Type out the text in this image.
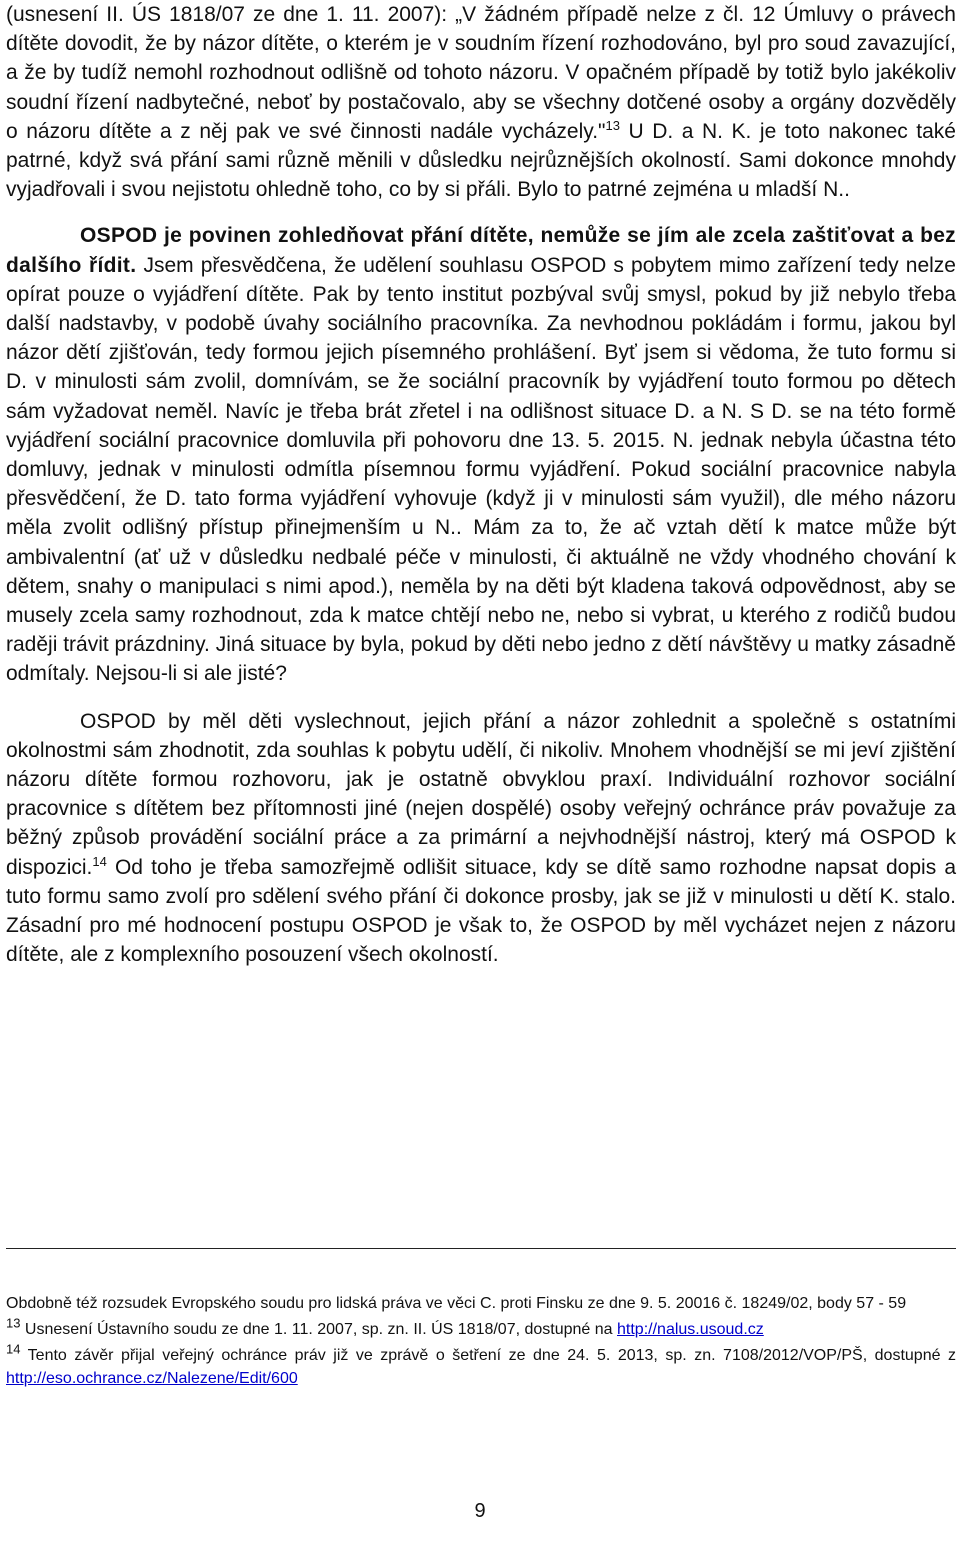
(usnesení II. ÚS 1818/07 ze dne 1. 11. 2007): „V žádném případě nelze z čl. 12 Úmluvy o právech dítěte dovodit, že by názor dítěte, o kterém je v soudním řízení rozhodováno, byl pro soud zavazující, a že by tudíž nemohl rozhodnout odlišně od tohoto názoru. V opačném případě by totiž bylo jakékoliv soudní řízení nadbytečné, neboť by postačovalo, aby se všechny dotčené osoby a orgány dozvěděly o názoru dítěte a z něj pak ve své činnosti nadále vycházely."$^{13}$ U D. a N. K. je toto nakonec také patrné, když svá přání sami různě měnili v důsledku nejrůznějších okolností. Sami dokonce mnohdy vyjadřovali i svou nejistotu ohledně toho, co by si přáli. Bylo to patrné zejména u mladší N..

OSPOD je povinen zohledňovat přání dítěte, nemůže se jím ale zcela zaštiťovat a bez dalšího řídit. Jsem přesvědčena, že udělení souhlasu OSPOD s pobytem mimo zařízení tedy nelze opírat pouze o vyjádření dítěte. Pak by tento institut pozbýval svůj smysl, pokud by již nebylo třeba další nadstavby, v podobě úvahy sociálního pracovníka. Za nevhodnou pokládám i formu, jakou byl názor dětí zjišťován, tedy formou jejich písemného prohlášení. Byť jsem si vědoma, že tuto formu si D. v minulosti sám zvolil, domnívám, se že sociální pracovník by vyjádření touto formou po dětech sám vyžadovat neměl. Navíc je třeba brát zřetel i na odlišnost situace D. a N. S D. se na této formě vyjádření sociální pracovnice domluvila při pohovoru dne 13. 5. 2015. N. jednak nebyla účastna této domluvy, jednak v minulosti odmítla písemnou formu vyjádření. Pokud sociální pracovnice nabyla přesvědčení, že D. tato forma vyjádření vyhovuje (když ji v minulosti sám využil), dle mého názoru měla zvolit odlišný přístup přinejmenším u N.. Mám za to, že ač vztah dětí k matce může být ambivalentní (ať už v důsledku nedbalé péče v minulosti, či aktuálně ne vždy vhodného chování k dětem, snahy o manipulaci s nimi apod.), neměla by na děti být kladena taková odpovědnost, aby se musely zcela samy rozhodnout, zda k matce chtějí nebo ne, nebo si vybrat, u kterého z rodičů budou raději trávit prázdniny. Jiná situace by byla, pokud by děti nebo jedno z dětí návštěvy u matky zásadně odmítaly. Nejsou-li si ale jisté?

OSPOD by měl děti vyslechnout, jejich přání a názor zohlednit a společně s ostatními okolnostmi sám zhodnotit, zda souhlas k pobytu udělí, či nikoliv. Mnohem vhodnější se mi jeví zjištění názoru dítěte formou rozhovoru, jak je ostatně obvyklou praxí. Individuální rozhovor sociální pracovnice s dítětem bez přítomnosti jiné (nejen dospělé) osoby veřejný ochránce práv považuje za běžný způsob provádění sociální práce a za primární a nejvhodnější nástroj, který má OSPOD k dispozici.$^{14}$ Od toho je třeba samozřejmě odlišit situace, kdy se dítě samo rozhodne napsat dopis a tuto formu samo zvolí pro sdělení svého přání či dokonce prosby, jak se již v minulosti u dětí K. stalo. Zásadní pro mé hodnocení postupu OSPOD je však to, že OSPOD by měl vycházet nejen z názoru dítěte, ale z komplexního posouzení všech okolností.

Obdobně též rozsudek Evropského soudu pro lidská práva ve věci C. proti Finsku ze dne 9. 5. 20016 č. 18249/02, body 57 - 59

$^{13}$ Usnesení Ústavního soudu ze dne 1. 11. 2007, sp. zn. II. ÚS 1818/07, dostupné na http://nalus.usoud.cz

$^{14}$ Tento závěr přijal veřejný ochránce práv již ve zprávě o šetření ze dne 24. 5. 2013, sp. zn. 7108/2012/VOP/PŠ, dostupné z http://eso.ochrance.cz/Nalezene/Edit/600

9
